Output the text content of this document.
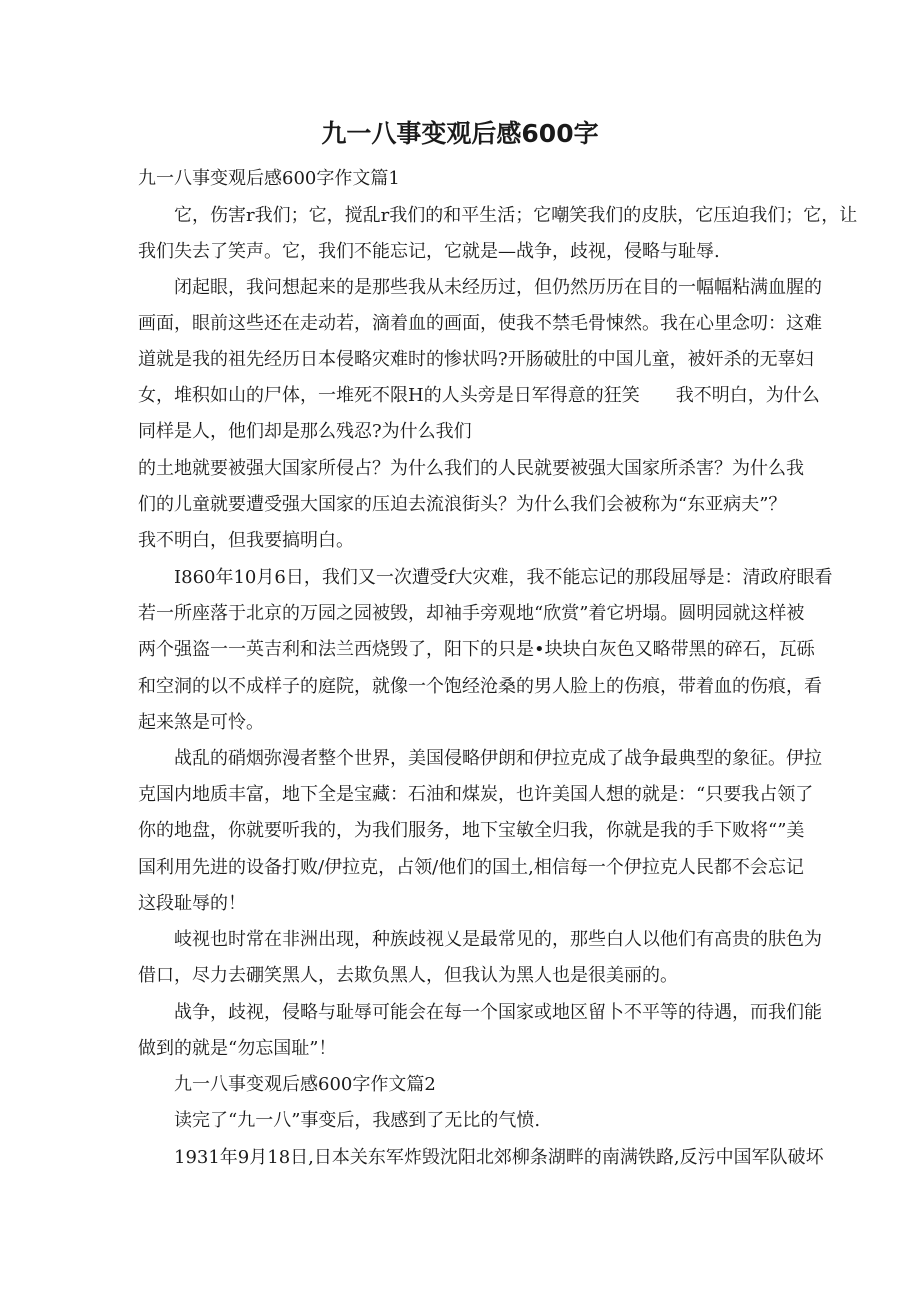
九一八事变观后感600字
九一八事变观后感600字作文篇1
它，伤害r我们；它，搅乱r我们的和平生活；它嘲笑我们的皮肤，它压迫我们；它，让
我们失去了笑声。它，我们不能忘记，它就是—战争，歧视，侵略与耻辱.
闭起眼，我问想起来的是那些我从未经历过，但仍然历历在目的一幅幅粘满血腥的
画面，眼前这些还在走动若，滴着血的画面，使我不禁毛骨悚然。我在心里念叨：这难
道就是我的祖先经历日本侵略灾难时的惨状吗?开肠破肚的中国儿童，被奸杀的无辜妇
女，堆积如山的尸体，一堆死不限H的人头旁是日军得意的狂笑　　我不明白，为什么
同样是人，他们却是那么残忍?为什么我们
的土地就要被强大国家所侵占？为什么我们的人民就要被强大国家所杀害？为什么我
们的儿童就要遭受强大国家的压迫去流浪街头？为什么我们会被称为“东亚病夫”？
我不明白，但我要搞明白。
I860年10月6日，我们又一次遭受f大灾难，我不能忘记的那段屈辱是：清政府眼看
若一所座落于北京的万园之园被毁，却袖手旁观地“欣赏”着它坍塌。圆明园就这样被
两个强盗一一英吉利和法兰西烧毁了，阳下的只是•块块白灰色又略带黑的碎石，瓦砾
和空洞的以不成样子的庭院，就像一个饱经沧桑的男人脸上的伤痕，带着血的伤痕，看
起来煞是可怜。
战乱的硝烟弥漫者整个世界，美国侵略伊朗和伊拉克成了战争最典型的象征。伊拉
克国内地质丰富，地下全是宝藏：石油和煤炭，也许美国人想的就是：“只要我占领了
你的地盘，你就要听我的，为我们服务，地下宝敏全归我，你就是我的手下败将“”美
国利用先进的设备打败/伊拉克，占领/他们的国土,相信每一个伊拉克人民都不会忘记
这段耻辱的！
岐视也时常在非洲出现，种族歧视乂是最常见的，那些白人以他们有高贵的肤色为
借口，尽力去硼笑黑人，去欺负黑人，但我认为黑人也是很美丽的。
战争，歧视，侵略与耻辱可能会在每一个国家或地区留卜不平等的待遇，而我们能
做到的就是“勿忘国耻”！
九一八事变观后感600字作文篇2
读完了“九一八”事变后，我感到了无比的气愤.
1931年9月18日,日本关东军炸毁沈阳北郊柳条湖畔的南满铁路,反污中国军队破坏
